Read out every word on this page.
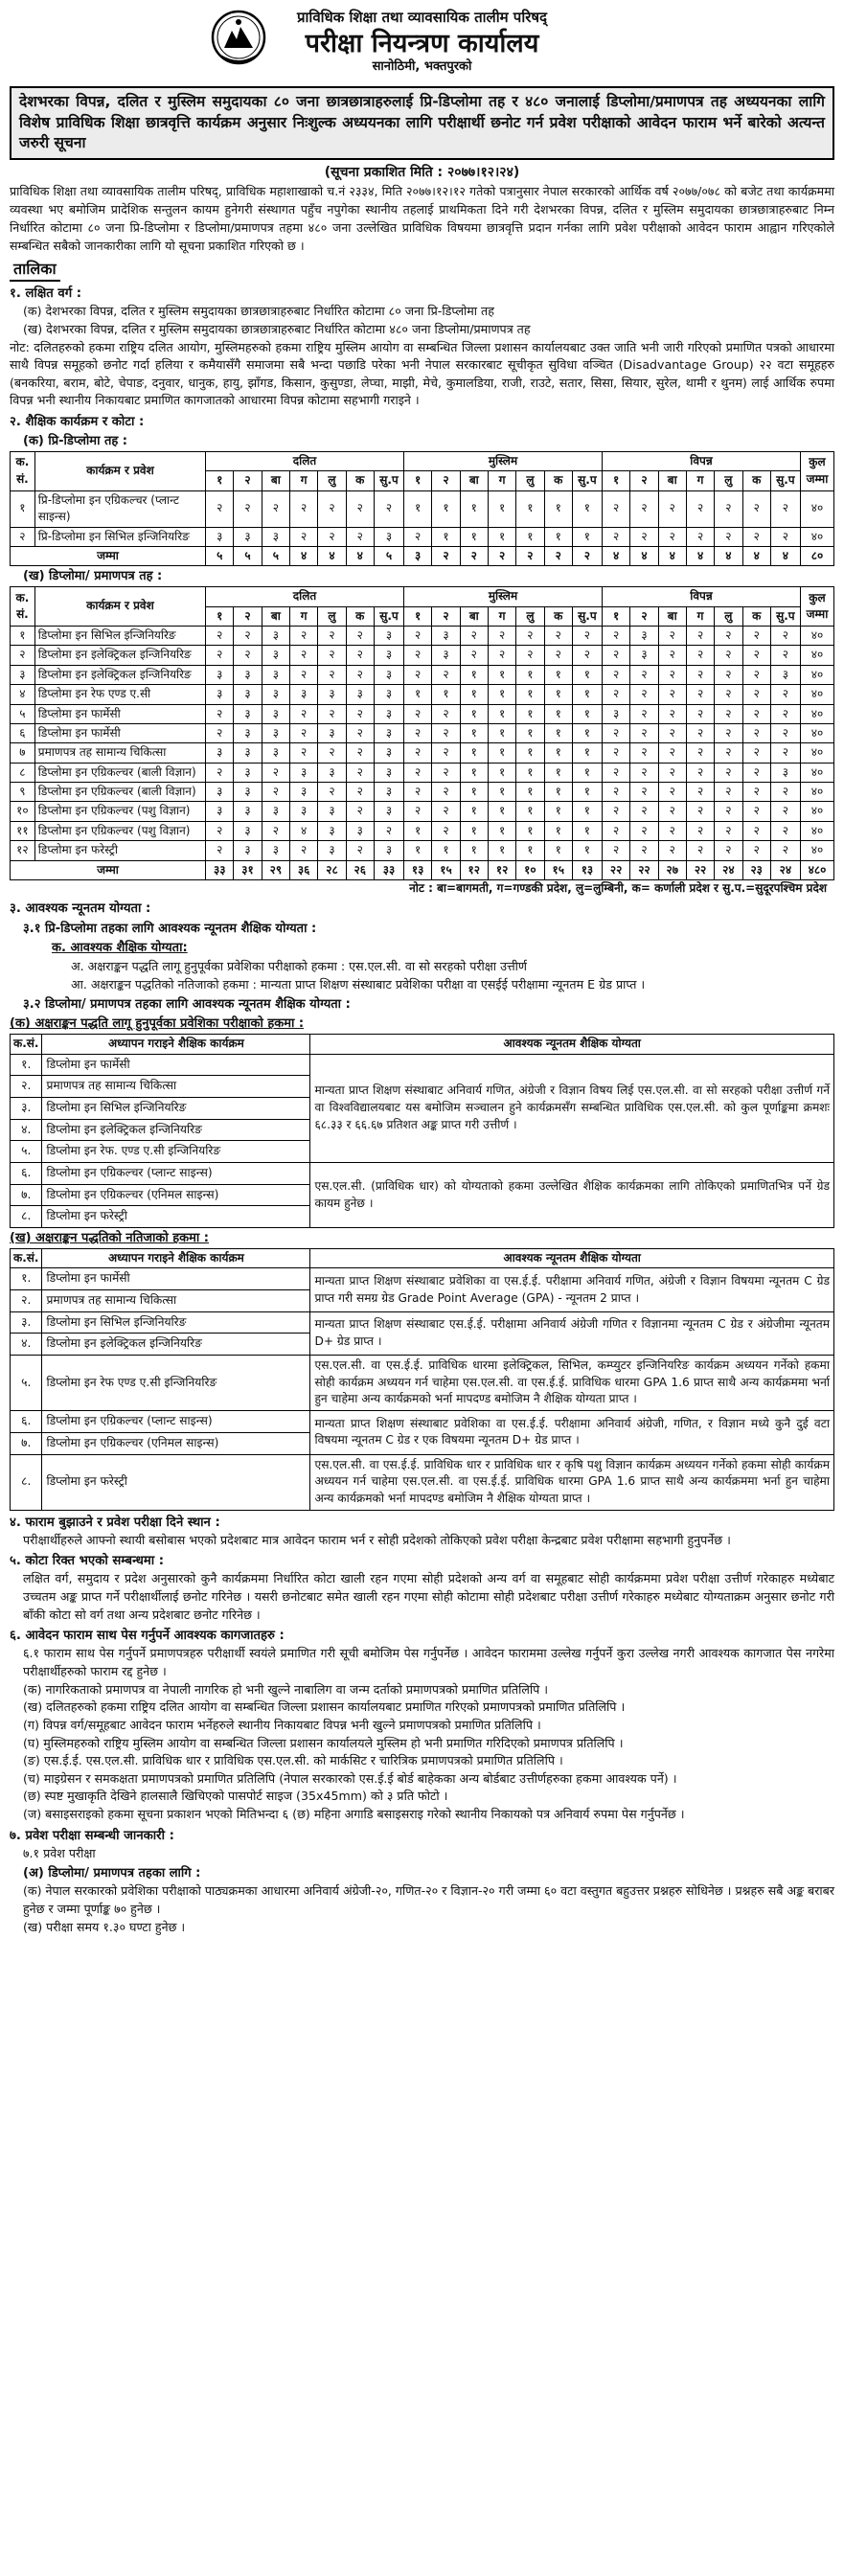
प्राविधिक शिक्षा तथा व्यावसायिक तालीम परिषद्
परीक्षा नियन्त्रण कार्यालय
सानोठिमी, भक्तपुरको
देशभरका विपन्न, दलित र मुस्लिम समुदायका ८० जना छात्रछात्राहरुलाई प्रि-डिप्लोमा तह र ४८० जनालाई डिप्लोमा/प्रमाणपत्र तह अध्ययनका लागि विशेष प्राविधिक शिक्षा छात्रवृत्ति कार्यक्रम अनुसार निःशुल्क अध्ययनका लागि परीक्षार्थी छनोट गर्न प्रवेश परीक्षाको आवेदन फाराम भर्ने बारेको अत्यन्त जरुरी सूचना
(सूचना प्रकाशित मिति : २०७७।१२।२४)
प्राविधिक शिक्षा तथा व्यावसायिक तालीम परिषद्, प्राविधिक महाशाखाको च.नं २३३४, मिति २०७७।१२।१२ गतेको पत्रानुसार नेपाल सरकारको आर्थिक वर्ष २०७७/०७८ को बजेट तथा कार्यक्रममा व्यवस्था भए बमोजिम प्रादेशिक सन्तुलन कायम हुनेगरी संस्थागत पहुँच नपुगेका स्थानीय तहलाई प्राथमिकता दिने गरी देशभरका विपन्न, दलित र मुस्लिम समुदायका छात्रछात्राहरुबाट निम्न निर्धारित कोटामा ८० जना प्रि-डिप्लोमा र डिप्लोमा/प्रमाणपत्र तहमा ४८० जना उल्लेखित प्राविधिक विषयमा छात्रवृत्ति प्रदान गर्नका लागि प्रवेश परीक्षाको आवेदन फाराम आह्वान गरिएकोले सम्बन्धित सबैको जानकारीका लागि यो सूचना प्रकाशित गरिएको छ ।
तालिका
१. लक्षित वर्ग :
(क) देशभरका विपन्न, दलित र मुस्लिम समुदायका छात्रछात्राहरुबाट निर्धारित कोटामा ८० जना प्रि-डिप्लोमा तह
(ख) देशभरका विपन्न, दलित र मुस्लिम समुदायका छात्रछात्राहरुबाट निर्धारित कोटामा ४८० जना डिप्लोमा/प्रमाणपत्र तह
नोट: दलितहरुको हकमा राष्ट्रिय दलित आयोग, मुस्लिमहरुको हकमा राष्ट्रिय मुस्लिम आयोग वा सम्बन्धित जिल्ला प्रशासन कार्यालयबाट उक्त जाति भनी जारी गरिएको प्रमाणित पत्रको आधारमा साथै विपन्न समूहको छनोट गर्दा हलिया र कमैयासँगै समाजमा सबै भन्दा पछाडि परेका भनी नेपाल सरकारबाट सूचीकृत सुविधा वञ्चित (Disadvantage Group) २२ वटा समूहहरु (बनकरिया, बराम, बोटे, चेपाङ, दनुवार, धानुक, हायु, झाँगड, किसान, कुसुण्डा, लेप्चा, माझी, मेचे, कुमालडिया, राजी, राउटे, सतार, सिसा, सियार, सुरेल, थामी र थुनम) लाई आर्थिक रुपमा विपन्न भनी स्थानीय निकायबाट प्रमाणित कागजातको आधारमा विपन्न कोटामा सहभागी गराइने ।
२. शैक्षिक कार्यक्रम र कोटा :
(क) प्रि-डिप्लोमा तह :
क. सं.	कार्यक्रम र प्रवेश	दलित							मुस्लिम							विपन्न							कुल जम्मा
		१	२	बा	ग	लु	क	सु.प	१	२	बा	ग	लु	क	सु.प	१	२	बा	ग	लु	क	सु.प	
१	प्रि-डिप्लोमा इन एग्रिकल्चर (प्लान्ट साइन्स)	२	२	२	२	२	२	२	१	१	१	१	१	१	१	२	२	२	२	२	२	२	४०
२	प्रि-डिप्लोमा इन सिभिल इन्जिनियरिङ	३	३	३	२	२	२	३	२	१	१	१	१	१	१	२	२	२	२	२	२	२	४०
जम्मा		५	५	५	४	४	४	५	३	२	२	२	२	२	२	४	४	४	४	४	४	४	८०
(ख) डिप्लोमा/ प्रमाणपत्र तह :
क. सं.	कार्यक्रम र प्रवेश	दलित							मुस्लिम							विपन्न							कुल जम्मा
		१	२	बा	ग	लु	क	सु.प	१	२	बा	ग	लु	क	सु.प	१	२	बा	ग	लु	क	सु.प	
१	डिप्लोमा इन सिभिल इन्जिनियरिङ	२	२	३	२	२	२	३	२	३	२	२	२	२	२	२	३	२	२	२	२	२	४०
२	डिप्लोमा इन इलेक्ट्रिकल इन्जिनियरिङ	२	२	३	२	२	२	३	२	३	२	२	२	२	२	२	३	२	२	२	२	२	४०
३	डिप्लोमा इन इलेक्ट्रिकल इन्जिनियरिङ	३	३	३	२	२	२	३	२	२	१	१	१	१	१	२	२	२	२	२	२	३	४०
४	डिप्लोमा इन रेफ एण्ड ए.सी	३	३	३	३	३	३	३	१	१	१	१	१	१	१	२	२	२	२	२	२	२	४०
५	डिप्लोमा इन फार्मेसी	२	३	३	२	२	२	३	२	२	१	१	१	१	१	३	२	२	२	२	२	२	४०
६	डिप्लोमा इन फार्मेसी	२	३	३	२	३	२	३	२	२	१	१	१	१	१	२	२	२	२	२	२	२	४०
७	प्रमाणपत्र तह सामान्य चिकित्सा	३	३	३	२	२	२	३	२	२	१	१	१	१	१	२	२	२	२	२	२	२	४०
८	डिप्लोमा इन एग्रिकल्चर (बाली विज्ञान)	२	३	२	३	३	२	३	२	२	१	१	१	१	१	२	२	२	२	२	२	३	४०
९	डिप्लोमा इन एग्रिकल्चर (बाली विज्ञान)	३	३	२	३	२	२	३	२	२	१	१	१	१	१	२	२	२	२	२	२	२	४०
१०	डिप्लोमा इन एग्रिकल्चर (पशु विज्ञान)	३	३	३	३	३	२	३	२	२	१	१	१	१	१	२	२	२	२	२	२	२	४०
११	डिप्लोमा इन एग्रिकल्चर (पशु विज्ञान)	२	३	२	४	३	३	२	१	२	१	१	१	१	१	२	२	२	२	२	२	२	४०
१२	डिप्लोमा इन फरेस्ट्री	२	३	३	२	३	२	३	१	१	१	१	१	१	१	२	२	२	२	२	२	२	४०
जम्मा		३३	३१	२९	३६	२८	२६	३३	१३	१५	१२	१२	१०	१५	१३	२२	२२	२७	२२	२४	२३	२४	४८०
नोट : बा=बागमती, ग=गण्डकी प्रदेश, लु=लुम्बिनी, क= कर्णाली प्रदेश र सु.प.=सुदूरपश्चिम प्रदेश
३. आवश्यक न्यूनतम योग्यता :
३.१ प्रि-डिप्लोमा तहका लागि आवश्यक न्यूनतम शैक्षिक योग्यता :
क. आवश्यक शैक्षिक योग्यता:
अ. अक्षराङ्कन पद्धति लागू हुनुपूर्वका प्रवेशिका परीक्षाको हकमा : एस.एल.सी. वा सो सरहको परीक्षा उत्तीर्ण
आ. अक्षराङ्कन पद्धतिको नतिजाको हकमा : मान्यता प्राप्त शिक्षण संस्थाबाट प्रवेशिका परीक्षा वा एसईई परीक्षामा न्यूनतम E ग्रेड प्राप्त ।
३.२ डिप्लोमा/ प्रमाणपत्र तहका लागि आवश्यक न्यूनतम शैक्षिक योग्यता :
(क) अक्षराङ्कन पद्धति लागू हुनुपूर्वका प्रवेशिका परीक्षाको हकमा :
क.सं.	अध्यापन गराइने शैक्षिक कार्यक्रम	आवश्यक न्यूनतम शैक्षिक योग्यता
१.	डिप्लोमा इन फार्मेसी	मान्यता प्राप्त शिक्षण संस्थाबाट अनिवार्य गणित, अंग्रेजी र विज्ञान विषय लिई एस.एल.सी. वा सो सरहको परीक्षा उत्तीर्ण गर्ने वा विश्वविद्यालयबाट यस बमोजिम सञ्चालन हुने कार्यक्रमसँग सम्बन्धित प्राविधिक एस.एल.सी. को कुल पूर्णाङ्कमा क्रमशः ६८.३३ र ६६.६७ प्रतिशत अङ्क प्राप्त गरी उत्तीर्ण ।
२.	प्रमाणपत्र तह सामान्य चिकित्सा	
३.	डिप्लोमा इन सिभिल इन्जिनियरिङ	
४.	डिप्लोमा इन इलेक्ट्रिकल इन्जिनियरिङ	
५.	डिप्लोमा इन रेफ. एण्ड ए.सी इन्जिनियरिङ	
६.	डिप्लोमा इन एग्रिकल्चर (प्लान्ट साइन्स)	एस.एल.सी. (प्राविधिक धार) को योग्यताको हकमा उल्लेखित शैक्षिक कार्यक्रमका लागि तोकिएको प्रमाणितभित्र पर्ने ग्रेड कायम हुनेछ ।
७.	डिप्लोमा इन एग्रिकल्चर (एनिमल साइन्स)	
८.	डिप्लोमा इन फरेस्ट्री	
(ख) अक्षराङ्कन पद्धतिको नतिजाको हकमा :
क.सं.	अध्यापन गराइने शैक्षिक कार्यक्रम	आवश्यक न्यूनतम शैक्षिक योग्यता
१.	डिप्लोमा इन फार्मेसी	मान्यता प्राप्त शिक्षण संस्थाबाट प्रवेशिका वा एस.ई.ई. परीक्षामा अनिवार्य गणित, अंग्रेजी र विज्ञान विषयमा न्यूनतम C ग्रेड प्राप्त गरी समग्र ग्रेड Grade Point Average (GPA) - न्यूनतम 2 प्राप्त ।
२.	प्रमाणपत्र तह सामान्य चिकित्सा	
३.	डिप्लोमा इन सिभिल इन्जिनियरिङ	मान्यता प्राप्त शिक्षण संस्थाबाट एस.ई.ई. परीक्षामा अनिवार्य अंग्रेजी गणित र विज्ञानमा न्यूनतम C ग्रेड र अंग्रेजीमा न्यूनतम D+ ग्रेड प्राप्त ।
४.	डिप्लोमा इन इलेक्ट्रिकल इन्जिनियरिङ	
५.	डिप्लोमा इन रेफ एण्ड ए.सी इन्जिनियरिङ	एस.एल.सी. वा एस.ई.ई. प्राविधिक धारमा इलेक्ट्रिकल, सिभिल, कम्प्युटर इन्जिनियरिङ कार्यक्रम अध्ययन गर्नेको हकमा सोही कार्यक्रम अध्ययन गर्न चाहेमा एस.एल.सी. वा एस.ई.ई. प्राविधिक धारमा GPA 1.6 प्राप्त साथै अन्य कार्यक्रममा भर्ना हुन चाहेमा अन्य कार्यक्रमको भर्ना मापदण्ड बमोजिम नै शैक्षिक योग्यता प्राप्त ।
६.	डिप्लोमा इन एग्रिकल्चर (प्लान्ट साइन्स)	मान्यता प्राप्त शिक्षण संस्थाबाट प्रवेशिका वा एस.ई.ई. परीक्षामा अनिवार्य अंग्रेजी, गणित, र विज्ञान मध्ये कुनै दुई वटा विषयमा न्यूनतम C ग्रेड र एक विषयमा न्यूनतम D+ ग्रेड प्राप्त ।
७.	डिप्लोमा इन एग्रिकल्चर (एनिमल साइन्स)	
८.	डिप्लोमा इन फरेस्ट्री	एस.एल.सी. वा एस.ई.ई. प्राविधिक धार र प्राविधिक धार र कृषि पशु विज्ञान कार्यक्रम अध्ययन गर्नेको हकमा सोही कार्यक्रम अध्ययन गर्न चाहेमा एस.एल.सी. वा एस.ई.ई. प्राविधिक धारमा GPA 1.6 प्राप्त साथै अन्य कार्यक्रममा भर्ना हुन चाहेमा अन्य कार्यक्रमको भर्ना मापदण्ड बमोजिम नै शैक्षिक योग्यता प्राप्त ।
४. फाराम बुझाउने र प्रवेश परीक्षा दिने स्थान :
परीक्षार्थीहरुले आफ्नो स्थायी बसोबास भएको प्रदेशबाट मात्र आवेदन फाराम भर्न र सोही प्रदेशको तोकिएको प्रवेश परीक्षा केन्द्रबाट प्रवेश परीक्षामा सहभागी हुनुपर्नेछ ।
५. कोटा रिक्त भएको सम्बन्धमा :
लक्षित वर्ग, समुदाय र प्रदेश अनुसारको कुनै कार्यक्रममा निर्धारित कोटा खाली रहन गएमा सोही प्रदेशको अन्य वर्ग वा समूहबाट सोही कार्यक्रममा प्रवेश परीक्षा उत्तीर्ण गरेकाहरु मध्येबाट उच्चतम अङ्क प्राप्त गर्ने परीक्षार्थीलाई छनोट गरिनेछ । यसरी छनोटबाट समेत खाली रहन गएमा सोही कोटामा सोही प्रदेशबाट परीक्षा उत्तीर्ण गरेकाहरु मध्येबाट योग्यताक्रम अनुसार छनोट गरी बाँकी कोटा सो वर्ग तथा अन्य प्रदेशबाट छनोट गरिनेछ ।
६. आवेदन फाराम साथ पेस गर्नुपर्ने आवश्यक कागजातहरु :
६.१ फाराम साथ पेस गर्नुपर्ने प्रमाणपत्रहरु परीक्षार्थी स्वयंले प्रमाणित गरी सूची बमोजिम पेस गर्नुपर्नेछ । आवेदन फाराममा उल्लेख गर्नुपर्ने कुरा उल्लेख नगरी आवश्यक कागजात पेस नगरेमा परीक्षार्थीहरुको फाराम रद्द हुनेछ ।
(क) नागरिकताको प्रमाणपत्र वा नेपाली नागरिक हो भनी खुल्ने नाबालिग वा जन्म दर्ताको प्रमाणपत्रको प्रमाणित प्रतिलिपि ।
(ख) दलितहरुको हकमा राष्ट्रिय दलित आयोग वा सम्बन्धित जिल्ला प्रशासन कार्यालयबाट प्रमाणित गरिएको प्रमाणपत्रको प्रमाणित प्रतिलिपि ।
(ग) विपन्न वर्ग/समूहबाट आवेदन फाराम भर्नेहरुले स्थानीय निकायबाट विपन्न भनी खुल्ने प्रमाणपत्रको प्रमाणित प्रतिलिपि ।
(घ) मुस्लिमहरुको राष्ट्रिय मुस्लिम आयोग वा सम्बन्धित जिल्ला प्रशासन कार्यालयले मुस्लिम हो भनी प्रमाणित गरिदिएको प्रमाणपत्र प्रतिलिपि ।
(ङ) एस.ई.ई. एस.एल.सी. प्राविधिक धार र प्राविधिक एस.एल.सी. को मार्कसिट र चारित्रिक प्रमाणपत्रको प्रमाणित प्रतिलिपि ।
(च) माइग्रेसन र समकक्षता प्रमाणपत्रको प्रमाणित प्रतिलिपि (नेपाल सरकारको एस.ई.ई बोर्ड बाहेकका अन्य बोर्डबाट उत्तीर्णहरुका हकमा आवश्यक पर्ने) ।
(छ) स्पष्ट मुखाकृति देखिने हालसालै खिचिएको पासपोर्ट साइज (35x45mm) को ३ प्रति फोटो ।
(ज) बसाइसराइको हकमा सूचना प्रकाशन भएको मितिभन्दा ६ (छ) महिना अगाडि बसाइसराइ गरेको स्थानीय निकायको पत्र अनिवार्य रुपमा पेस गर्नुपर्नेछ ।
७. प्रवेश परीक्षा सम्बन्धी जानकारी :
७.१ प्रवेश परीक्षा
(अ) डिप्लोमा/ प्रमाणपत्र तहका लागि :
(क) नेपाल सरकारको प्रवेशिका परीक्षाको पाठ्यक्रमका आधारमा अनिवार्य अंग्रेजी-२०, गणित-२० र विज्ञान-२० गरी जम्मा ६० वटा वस्तुगत बहुउत्तर प्रश्नहरु सोधिनेछ । प्रश्नहरु सबै अङ्क बराबर हुनेछ र जम्मा पूर्णाङ्क ७० हुनेछ ।
(ख) परीक्षा समय १.३० घण्टा हुनेछ ।
